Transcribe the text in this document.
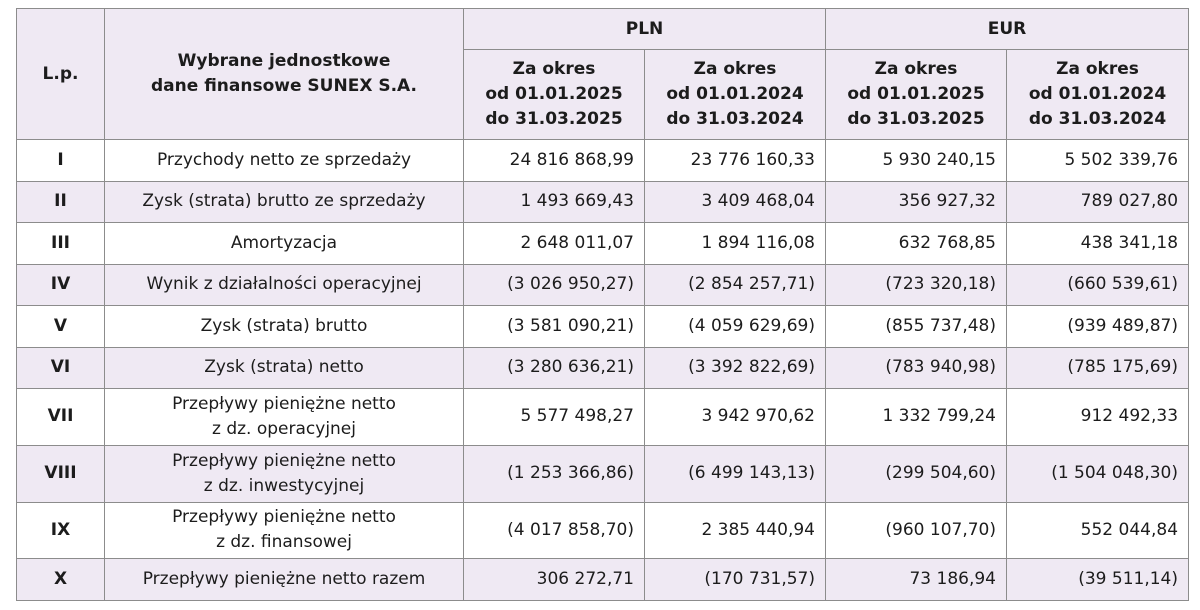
L.p.	Wybrane jednostkowe
dane finansowe SUNEX S.A.	PLN		EUR	

		Za okres
od 01.01.2025
do 31.03.2025	Za okres
od 01.01.2024
do 31.03.2024	Za okres
od 01.01.2025
do 31.03.2025	Za okres
od 01.01.2024
do 31.03.2024

I	Przychody netto ze sprzedaży	24 816 868,99	23 776 160,33	5 930 240,15	5 502 339,76
II	Zysk (strata) brutto ze sprzedaży	1 493 669,43	3 409 468,04	356 927,32	789 027,80
III	Amortyzacja	2 648 011,07	1 894 116,08	632 768,85	438 341,18
IV	Wynik z działalności operacyjnej	(3 026 950,27)	(2 854 257,71)	(723 320,18)	(660 539,61)
V	Zysk (strata) brutto	(3 581 090,21)	(4 059 629,69)	(855 737,48)	(939 489,87)
VI	Zysk (strata) netto	(3 280 636,21)	(3 392 822,69)	(783 940,98)	(785 175,69)
VII	Przepływy pieniężne netto
z dz. operacyjnej	5 577 498,27	3 942 970,62	1 332 799,24	912 492,33
VIII	Przepływy pieniężne netto
z dz. inwestycyjnej	(1 253 366,86)	(6 499 143,13)	(299 504,60)	(1 504 048,30)
IX	Przepływy pieniężne netto
z dz. finansowej	(4 017 858,70)	2 385 440,94	(960 107,70)	552 044,84
X	Przepływy pieniężne netto razem	306 272,71	(170 731,57)	73 186,94	(39 511,14)
